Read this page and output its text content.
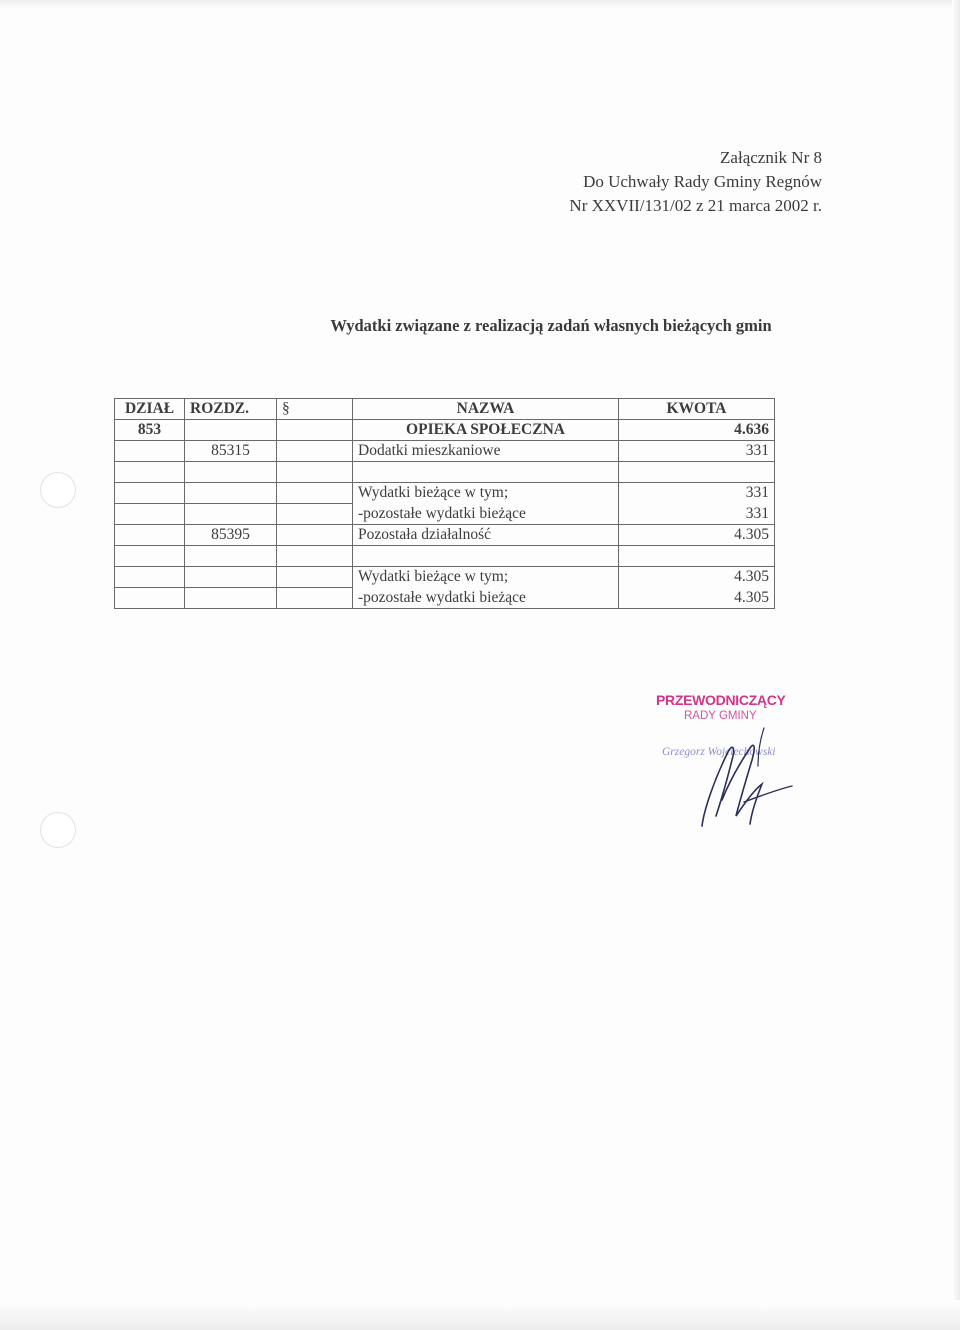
Załącznik Nr 8
Do Uchwały Rady Gminy Regnów
Nr XXVII/131/02 z 21 marca 2002 r.
Wydatki związane z realizacją zadań własnych bieżących gmin
DZIAŁ	ROZDZ.	§	NAZWA	KWOTA
853			OPIEKA SPOŁECZNA	4.636
	85315		Dodatki mieszkaniowe	331

			Wydatki bieżące w tym;	331
			-pozostałe wydatki bieżące	331
	85395		Pozostała działalność	4.305

			Wydatki bieżące w tym;	4.305
			-pozostałe wydatki bieżące	4.305
PRZEWODNICZĄCY
RADY GMINY
Grzegorz Wojciechowski
